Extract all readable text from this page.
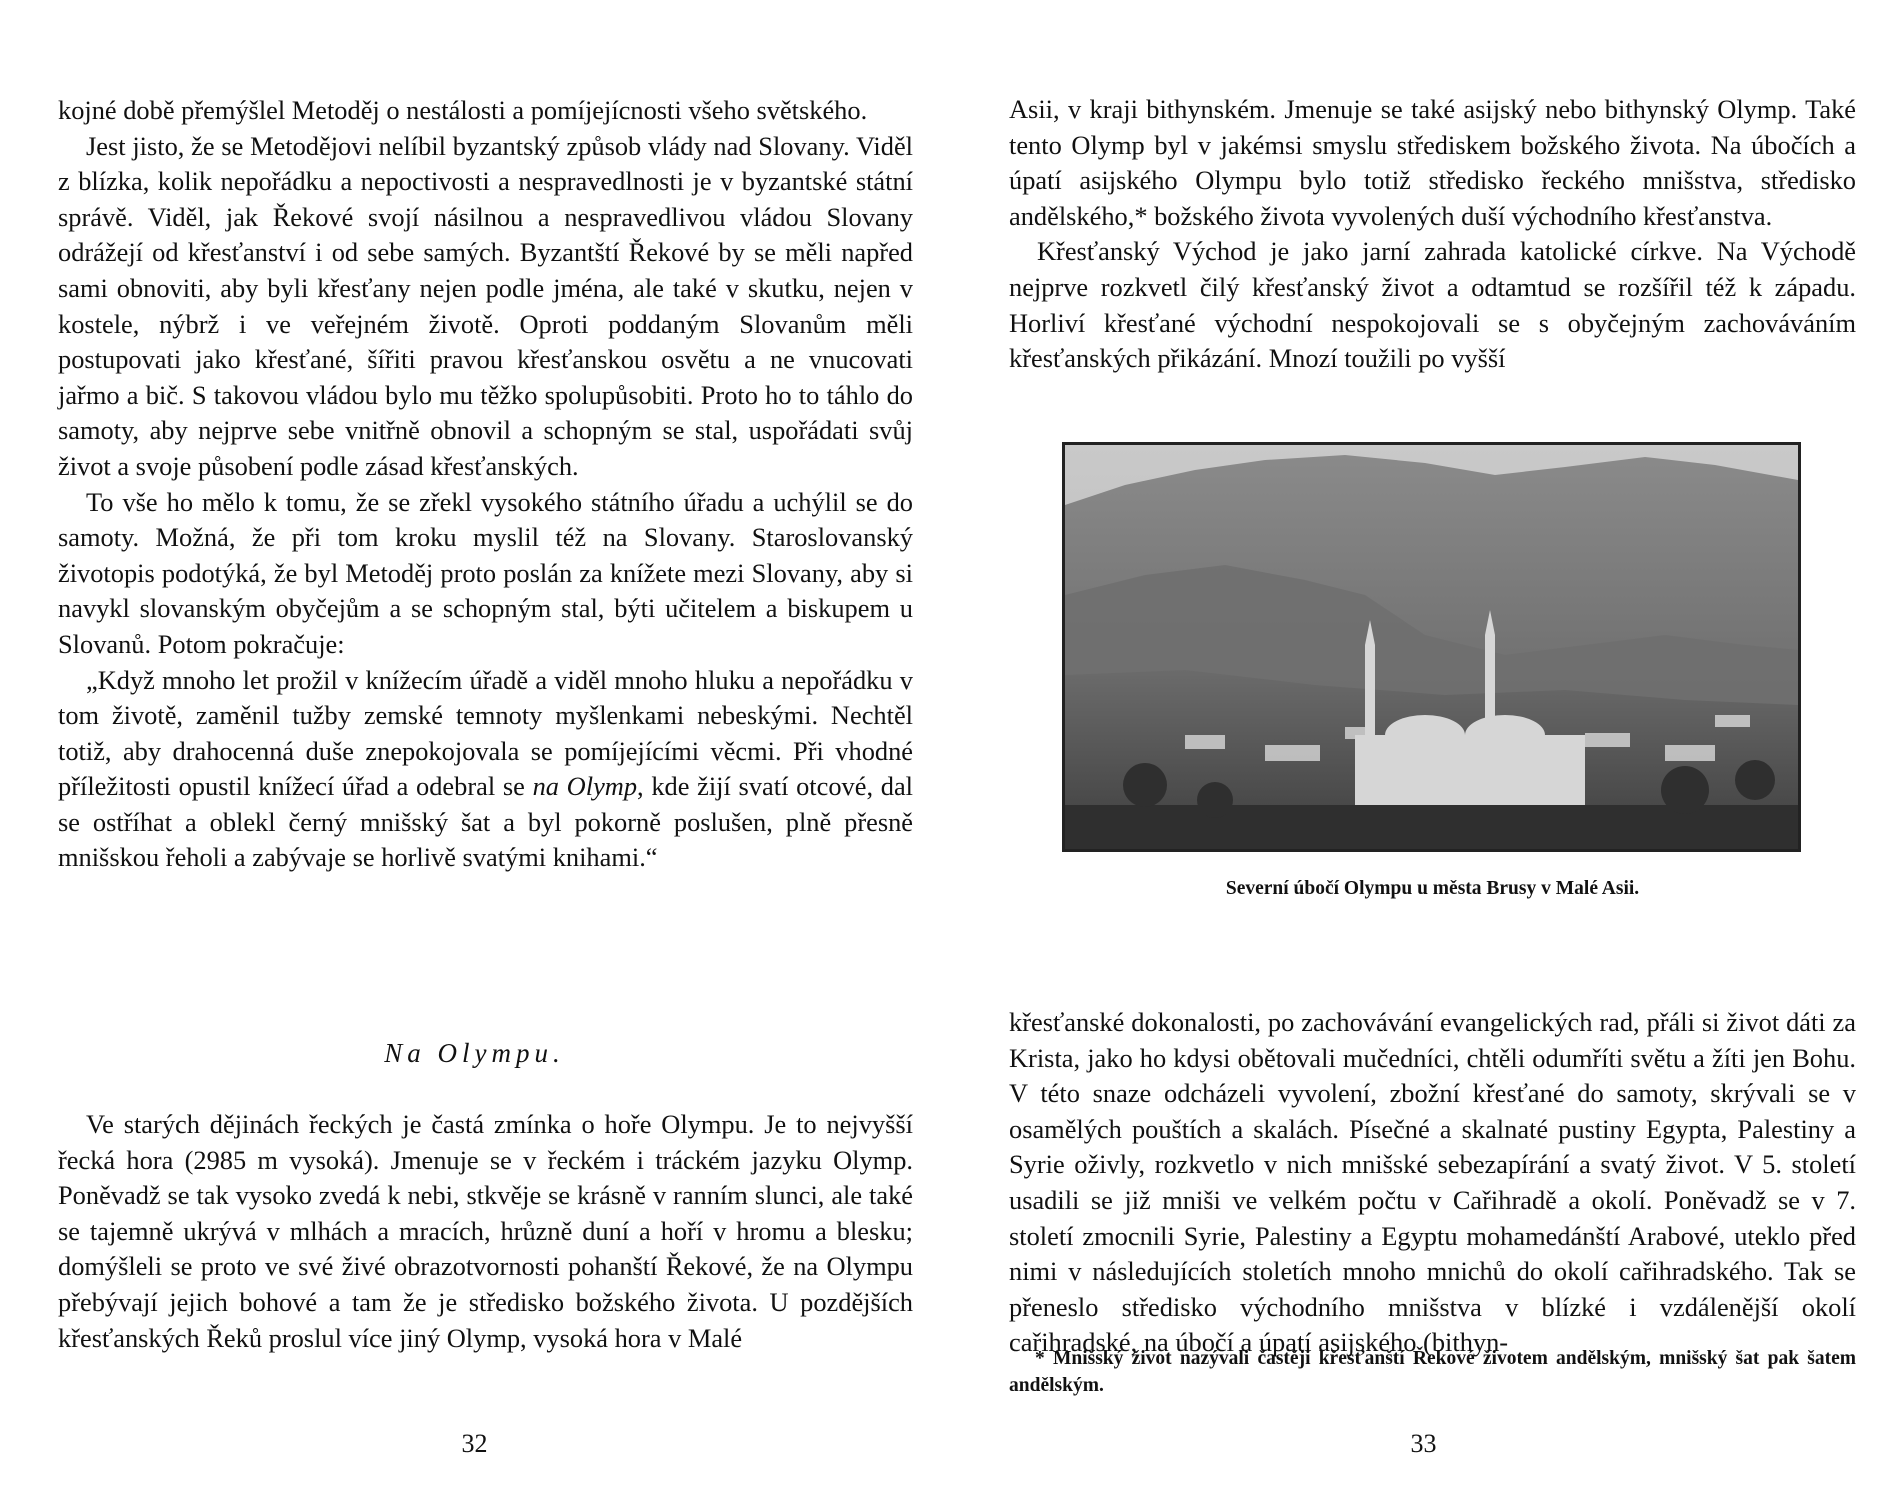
kojné době přemýšlel Metoděj o nestálosti a pomíjejícnosti všeho světského.

Jest jisto, že se Metodějovi nelíbil byzantský způsob vlády nad Slovany. Viděl z blízka, kolik nepořádku a nepoctivosti a nespravedlnosti je v byzantské státní správě. Viděl, jak Řekové svojí násilnou a nespravedlivou vládou Slovany odrážejí od křesťanství i od sebe samých. Byzantští Řekové by se měli napřed sami obnoviti, aby byli křesťany nejen podle jména, ale také v skutku, nejen v kostele, nýbrž i ve veřejném životě. Oproti poddaným Slovanům měli postupovati jako křesťané, šířiti pravou křesťanskou osvětu a ne vnucovati jařmo a bič. S takovou vládou bylo mu těžko spolupůsobiti. Proto ho to táhlo do samoty, aby nejprve sebe vnitřně obnovil a schopným se stal, uspořádati svůj život a svoje působení podle zásad křesťanských.

To vše ho mělo k tomu, že se zřekl vysokého státního úřadu a uchýlil se do samoty. Možná, že při tom kroku myslil též na Slovany. Staroslovanský životopis podotýká, že byl Metoděj proto poslán za knížete mezi Slovany, aby si navykl slovanským obyčejům a se schopným stal, býti učitelem a biskupem u Slovanů. Potom pokračuje:

„Když mnoho let prožil v knížecím úřadě a viděl mnoho hluku a nepořádku v tom životě, zaměnil tužby zemské temnoty myšlenkami nebeskými. Nechtěl totiž, aby drahocenná duše znepokojovala se pomíjejícími věcmi. Při vhodné příležitosti opustil knížecí úřad a odebral se na Olymp, kde žijí svatí otcové, dal se ostříhat a oblekl černý mnišský šat a byl pokorně poslušen, plně přesně mnišskou řeholi a zabývaje se horlivě svatými knihami.“

Na Olympu.

Ve starých dějinách řeckých je častá zmínka o hoře Olympu. Je to nejvyšší řecká hora (2985 m vysoká). Jmenuje se v řeckém i tráckém jazyku Olymp. Poněvadž se tak vysoko zvedá k nebi, stkvěje se krásně v ranním slunci, ale také se tajemně ukrývá v mlhách a mracích, hrůzně duní a hoří v hromu a blesku; domýšleli se proto ve své živé obrazotvornosti pohanští Řekové, že na Olympu přebývají jejich bohové a tam že je středisko božského života. U pozdějších křesťanských Řeků proslul více jiný Olymp, vysoká hora v Malé

32

Asii, v kraji bithynském. Jmenuje se také asijský nebo bithynský Olymp. Také tento Olymp byl v jakémsi smyslu střediskem božského života. Na úbočích a úpatí asijského Olympu bylo totiž středisko řeckého mnišstva, středisko andělského,* božského života vyvolených duší východního křesťanstva.

Křesťanský Východ je jako jarní zahrada katolické církve. Na Východě nejprve rozkvetl čilý křesťanský život a odtamtud se rozšířil též k západu. Horliví křesťané východní nespokojovali se s obyčejným zachováváním křesťanských přikázání. Mnozí toužili po vyšší

Severní úbočí Olympu u města Brusy v Malé Asii.

křesťanské dokonalosti, po zachovávání evangelických rad, přáli si život dáti za Krista, jako ho kdysi obětovali mučedníci, chtěli odumříti světu a žíti jen Bohu. V této snaze odcházeli vyvolení, zbožní křesťané do samoty, skrývali se v osamělých pouštích a skalách. Písečné a skalnaté pustiny Egypta, Palestiny a Syrie oživly, rozkvetlo v nich mnišské sebezapírání a svatý život. V 5. století usadili se již mniši ve velkém počtu v Cařihradě a okolí. Poněvadž se v 7. století zmocnili Syrie, Palestiny a Egyptu mohamedánští Arabové, uteklo před nimi v následujících stoletích mnoho mnichů do okolí cařihradského. Tak se přeneslo středisko východního mnišstva v blízké i vzdálenější okolí cařihradské, na úbočí a úpatí asijského (bithyn-

* Mnišský život nazývali častěji křesťanští Řekové životem andělským, mnišský šat pak šatem andělským.

33
